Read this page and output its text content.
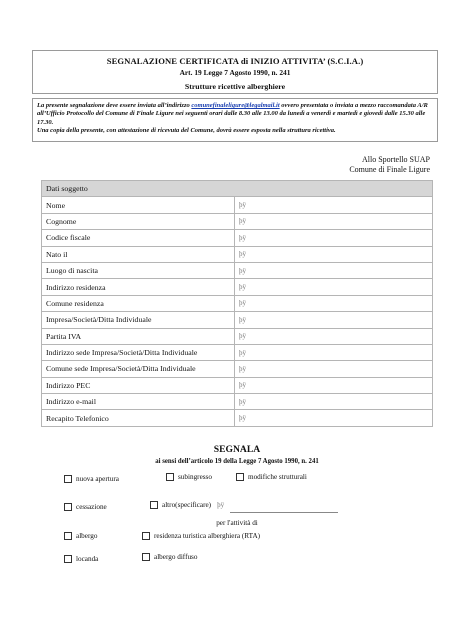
SEGNALAZIONE CERTIFICATA di INIZIO ATTIVITA’ (S.C.I.A.)
Art. 19 Legge 7 Agosto 1990, n. 241
Strutture ricettive alberghiere
La presente segnalazione deve essere inviata all’indirizzo comunefinaleligure@legalmail.it ovvero presentata o inviata a mezzo raccomandata A/R all’Ufficio Protocollo del Comune di Finale Ligure nei seguenti orari dalle 8.30 alle 13.00 da lunedì a venerdì e martedì e giovedì dalle 15.30 alle 17.30.
Una copia della presente, con attestazione di ricevuta del Comune, dovrà essere esposta nella struttura ricettiva.
Allo Sportello SUAP
Comune di Finale Ligure
Dati soggetto	
Nome	þÿ
Cognome	þÿ
Codice fiscale	þÿ
Nato il	þÿ
Luogo di nascita	þÿ
Indirizzo residenza	þÿ
Comune residenza	þÿ
Impresa/Società/Ditta Individuale	þÿ
Partita IVA	þÿ
Indirizzo sede Impresa/Società/Ditta Individuale	þÿ
Comune sede Impresa/Società/Ditta Individuale	þÿ
Indirizzo PEC	þÿ
Indirizzo e-mail	þÿ
Recapito Telefonico	þÿ
SEGNALA
ai sensi dell’articolo 19 della Legge 7 Agosto 1990, n. 241
nuova apertura	subingresso	modifiche strutturali
cessazione	altro(specificare) þÿ
per l'attività di
albergo	residenza turistica alberghiera (RTA)
locanda	albergo diffuso
